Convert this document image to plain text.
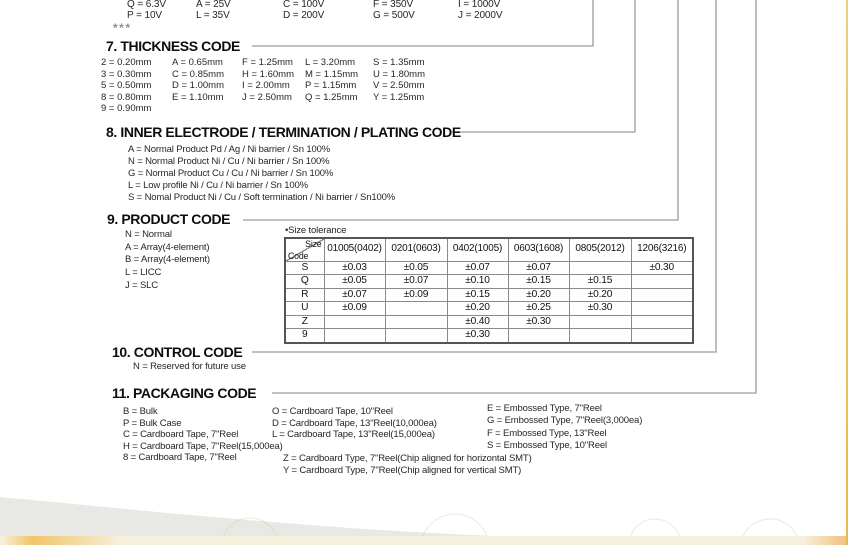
Q = 6.3V	A = 25V	C = 100V	F = 350V	I = 1000V
P = 10V	L = 35V	D = 200V	G = 500V	J = 2000V
***
7. THICKNESS CODE
2 = 0.20mm	A = 0.65mm	F = 1.25mm	L = 3.20mm	S = 1.35mm
3 = 0.30mm	C = 0.85mm	H = 1.60mm	M = 1.15mm	U = 1.80mm
5 = 0.50mm	D = 1.00mm	I = 2.00mm	P = 1.15mm	V = 2.50mm
8 = 0.80mm	E = 1.10mm	J = 2.50mm	Q = 1.25mm	Y = 1.25mm
9 = 0.90mm
8. INNER ELECTRODE / TERMINATION / PLATING CODE
A = Normal Product Pd / Ag / Ni barrier / Sn 100%
N = Normal Product Ni / Cu / Ni barrier / Sn 100%
G = Normal Product Cu / Cu / Ni barrier / Sn 100%
L = Low profile Ni / Cu / Ni barrier / Sn 100%
S = Nomal Product Ni / Cu / Soft termination / Ni barrier / Sn100%
9. PRODUCT CODE
N = Normal
A = Array(4-element)
B = Array(4-element)
L = LICC
J = SLC
•Size tolerance
Size
Code	01005(0402)	0201(0603)	0402(1005)	0603(1608)	0805(2012)	1206(3216)
S	±0.03	±0.05	±0.07	±0.07		±0.30
Q	±0.05	±0.07	±0.10	±0.15	±0.15	
R	±0.07	±0.09	±0.15	±0.20	±0.20	
U	±0.09		±0.20	±0.25	±0.30	
Z			±0.40	±0.30		
9			±0.30			
10. CONTROL CODE
N = Reserved for future use
11. PACKAGING CODE
B = Bulk
P = Bulk Case
C = Cardboard Tape, 7"Reel
H = Cardboard Tape, 7"Reel(15,000ea)
8 = Cardboard Tape, 7"Reel
O = Cardboard Tape, 10"Reel
D = Cardboard Tape, 13"Reel(10,000ea)
L = Cardboard Tape, 13"Reel(15,000ea)
Z = Cardboard Type, 7"Reel(Chip aligned for horizontal SMT)
Y = Cardboard Type, 7"Reel(Chip aligned for vertical SMT)
E = Embossed Type, 7"Reel
G = Embossed Type, 7"Reel(3,000ea)
F = Embossed Type, 13"Reel
S = Embossed Type, 10"Reel
